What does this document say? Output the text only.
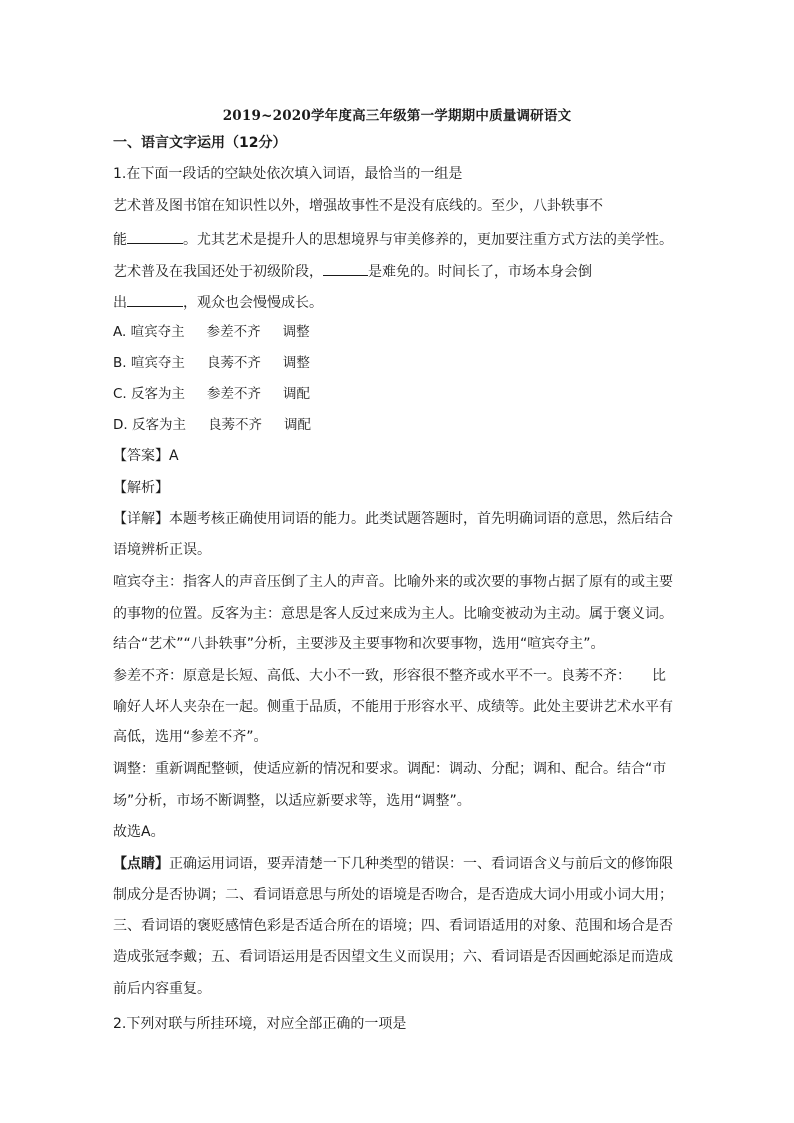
2019~2020学年度高三年级第一学期期中质量调研语文
一、语言文字运用（12分）
1.在下面一段话的空缺处依次填入词语，最恰当的一组是
艺术普及图书馆在知识性以外，增强故事性不是没有底线的。至少，八卦轶事不
能	。尤其艺术是提升人的思想境界与审美修养的，更加要注重方式方法的美学性。
艺术普及在我国还处于初级阶段，	是难免的。时间长了，市场本身会倒
出	，观众也会慢慢成长。
A. 喧宾夺主 参差不齐 调整
B. 喧宾夺主 良莠不齐 调整
C. 反客为主 参差不齐 调配
D. 反客为主 良莠不齐 调配
【答案】A
【解析】
【详解】本题考核正确使用词语的能力。此类试题答题时，首先明确词语的意思，然后结合
语境辨析正误。
喧宾夺主：指客人的声音压倒了主人的声音。比喻外来的或次要的事物占据了原有的或主要
的事物的位置。反客为主：意思是客人反过来成为主人。比喻变被动为主动。属于褒义词。
结合“艺术”“八卦轶事”分析，主要涉及主要事物和次要事物，选用“喧宾夺主”。
参差不齐：原意是长短、高低、大小不一致，形容很不整齐或水平不一。良莠不齐：　　比
喻好人坏人夹杂在一起。侧重于品质，不能用于形容水平、成绩等。此处主要讲艺术水平有
高低，选用“参差不齐”。
调整：重新调配整顿，使适应新的情况和要求。调配：调动、分配；调和、配合。结合“市
场”分析，市场不断调整，以适应新要求等，选用“调整”。
故选A。
【点睛】正确运用词语，要弄清楚一下几种类型的错误：一、看词语含义与前后文的修饰限
制成分是否协调；二、看词语意思与所处的语境是否吻合，是否造成大词小用或小词大用；
三、看词语的褒贬感情色彩是否适合所在的语境；四、看词语适用的对象、范围和场合是否
造成张冠李戴；五、看词语运用是否因望文生义而误用；六、看词语是否因画蛇添足而造成
前后内容重复。
2.下列对联与所挂环境，对应全部正确的一项是
